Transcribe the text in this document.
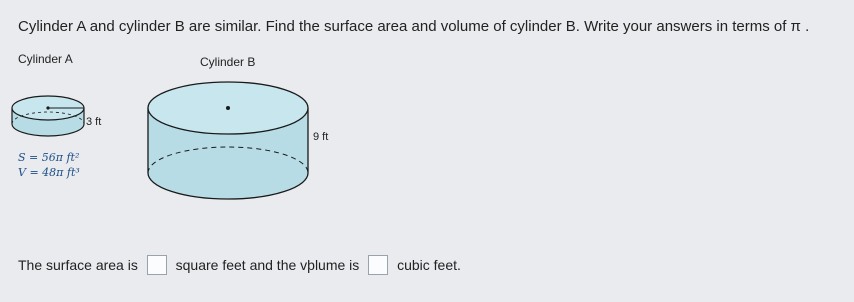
Cylinder A and cylinder B are similar. Find the surface area and volume of cylinder B. Write your answers in terms of π .
Cylinder A	Cylinder B
3 ft
S = 56π ft²
V = 48π ft³
9 ft
The surface area is	square feet and the vþlume is	cubic feet.
